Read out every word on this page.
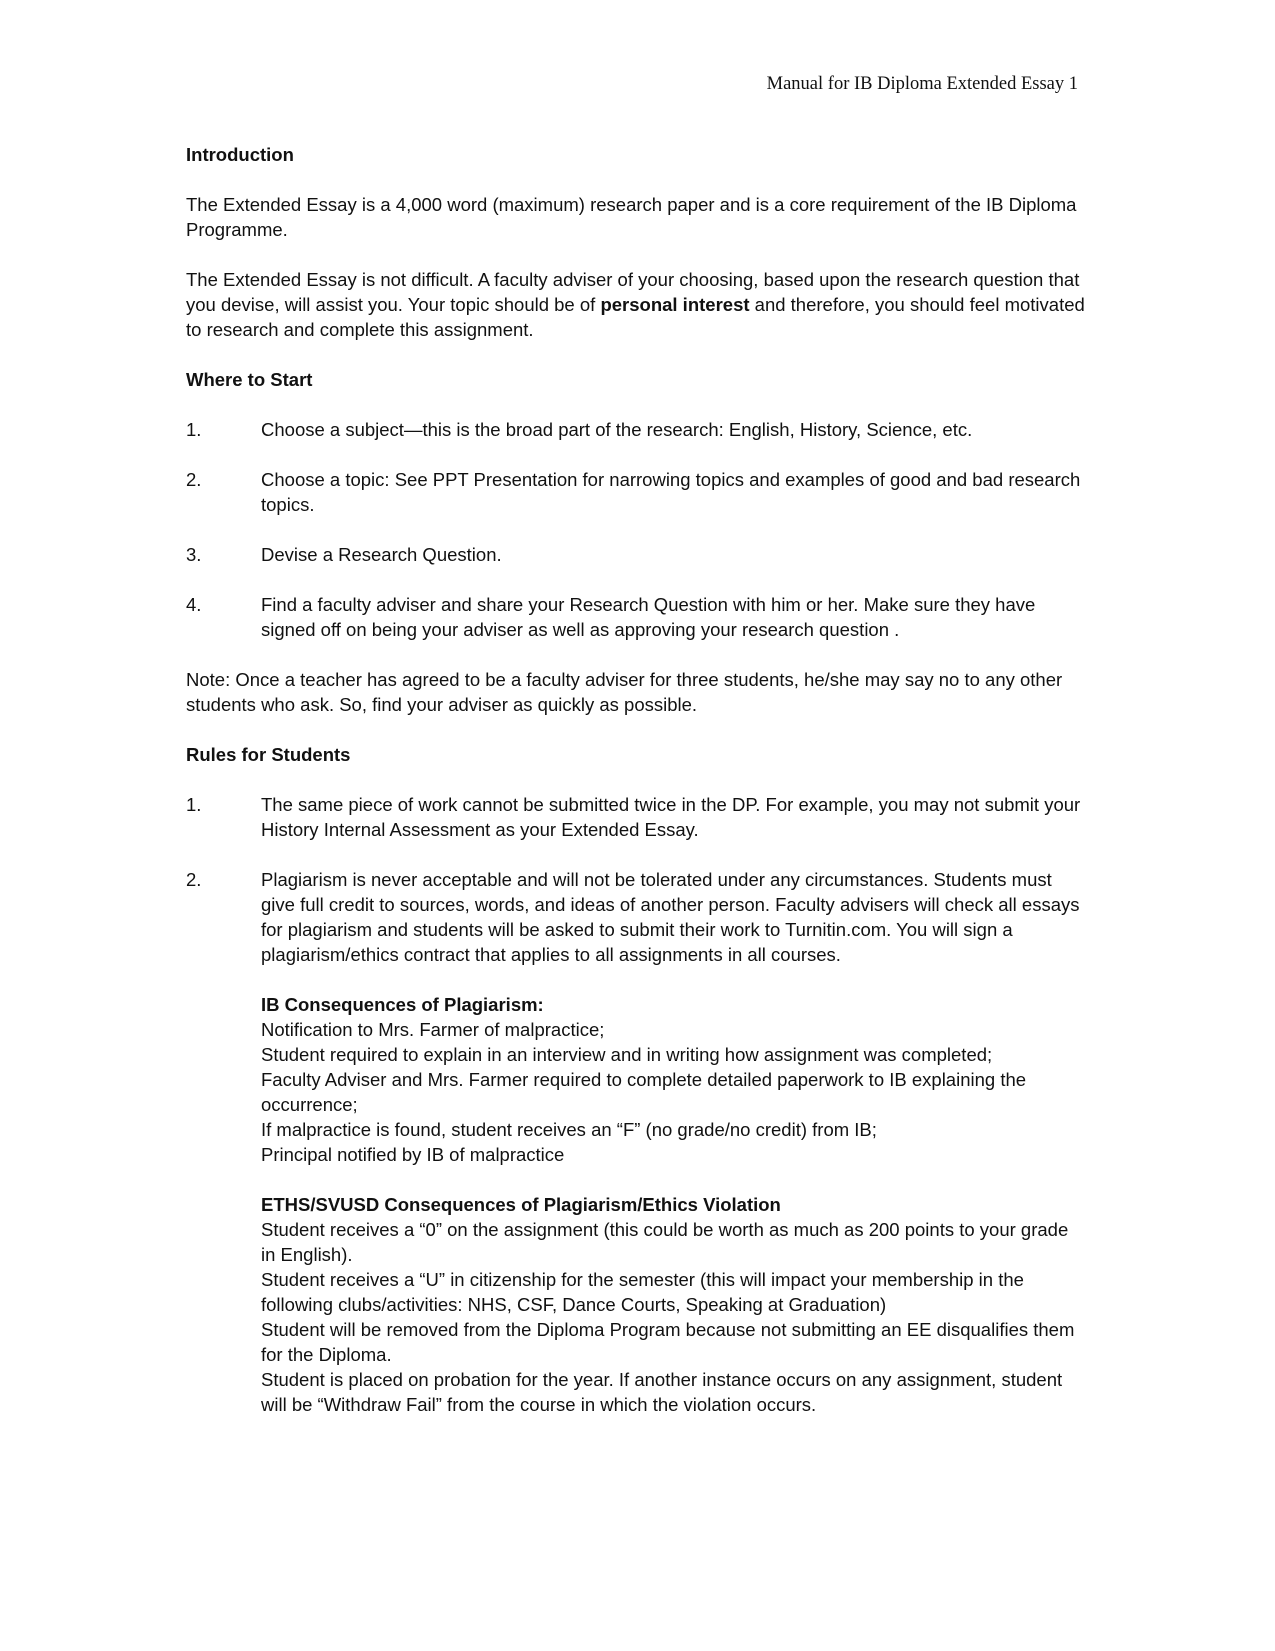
Manual for IB Diploma Extended Essay 1
Introduction

The Extended Essay is a 4,000 word (maximum) research paper and is a core requirement of the IB Diploma Programme.

The Extended Essay is not difficult. A faculty adviser of your choosing, based upon the research question that you devise, will assist you. Your topic should be of personal interest and therefore, you should feel motivated to research and complete this assignment.

Where to Start
1.	Choose a subject—this is the broad part of the research: English, History, Science, etc.
2.	Choose a topic: See PPT Presentation for narrowing topics and examples of good and bad research topics.
3.	Devise a Research Question.
4.	Find a faculty adviser and share your Research Question with him or her. Make sure they have signed off on being your adviser as well as approving your research question .

Note: Once a teacher has agreed to be a faculty adviser for three students, he/she may say no to any other students who ask. So, find your adviser as quickly as possible.

Rules for Students
1.	The same piece of work cannot be submitted twice in the DP. For example, you may not submit your History Internal Assessment as your Extended Essay.
2.	Plagiarism is never acceptable and will not be tolerated under any circumstances. Students must give full credit to sources, words, and ideas of another person. Faculty advisers will check all essays for plagiarism and students will be asked to submit their work to Turnitin.com. You will sign a plagiarism/ethics contract that applies to all assignments in all courses.
IB Consequences of Plagiarism:
Notification to Mrs. Farmer of malpractice;
Student required to explain in an interview and in writing how assignment was completed;
Faculty Adviser and Mrs. Farmer required to complete detailed paperwork to IB explaining the occurrence;
If malpractice is found, student receives an “F” (no grade/no credit) from IB;
Principal notified by IB of malpractice
ETHS/SVUSD Consequences of Plagiarism/Ethics Violation
Student receives a “0” on the assignment (this could be worth as much as 200 points to your grade in English).
Student receives a “U” in citizenship for the semester (this will impact your membership in the following clubs/activities: NHS, CSF, Dance Courts, Speaking at Graduation)
Student will be removed from the Diploma Program because not submitting an EE disqualifies them for the Diploma.
Student is placed on probation for the year. If another instance occurs on any assignment, student will be “Withdraw Fail” from the course in which the violation occurs.
